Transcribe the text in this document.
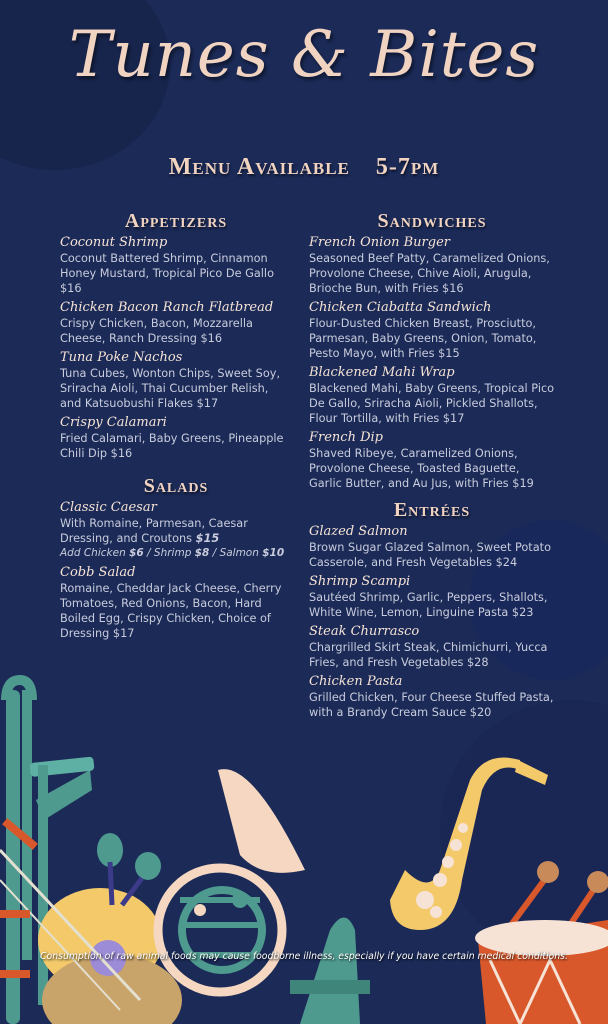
Tunes & Bites
Menu Available 5-7pm
Appetizers
Coconut Shrimp
Coconut Battered Shrimp, Cinnamon Honey Mustard, Tropical Pico De Gallo $16
Chicken Bacon Ranch Flatbread
Crispy Chicken, Bacon, Mozzarella Cheese, Ranch Dressing $16
Tuna Poke Nachos
Tuna Cubes, Wonton Chips, Sweet Soy, Sriracha Aioli, Thai Cucumber Relish, and Katsuobushi Flakes $17
Crispy Calamari
Fried Calamari, Baby Greens, Pineapple Chili Dip $16
Salads
Classic Caesar
With Romaine, Parmesan, Caesar Dressing, and Croutons $15
Add Chicken $6 / Shrimp $8 / Salmon $10
Cobb Salad
Romaine, Cheddar Jack Cheese, Cherry Tomatoes, Red Onions, Bacon, Hard Boiled Egg, Crispy Chicken, Choice of Dressing $17
Sandwiches
French Onion Burger
Seasoned Beef Patty, Caramelized Onions, Provolone Cheese, Chive Aioli, Arugula, Brioche Bun, with Fries $16
Chicken Ciabatta Sandwich
Flour-Dusted Chicken Breast, Prosciutto, Parmesan, Baby Greens, Onion, Tomato, Pesto Mayo, with Fries $15
Blackened Mahi Wrap
Blackened Mahi, Baby Greens, Tropical Pico De Gallo, Sriracha Aioli, Pickled Shallots, Flour Tortilla, with Fries $17
French Dip
Shaved Ribeye, Caramelized Onions, Provolone Cheese, Toasted Baguette, Garlic Butter, and Au Jus, with Fries $19
Entrées
Glazed Salmon
Brown Sugar Glazed Salmon, Sweet Potato Casserole, and Fresh Vegetables $24
Shrimp Scampi
Sautéed Shrimp, Garlic, Peppers, Shallots, White Wine, Lemon, Linguine Pasta $23
Steak Churrasco
Chargrilled Skirt Steak, Chimichurri, Yucca Fries, and Fresh Vegetables $28
Chicken Pasta
Grilled Chicken, Four Cheese Stuffed Pasta, with a Brandy Cream Sauce $20
Consumption of raw animal foods may cause foodborne illness, especially if you have certain medical conditions.
